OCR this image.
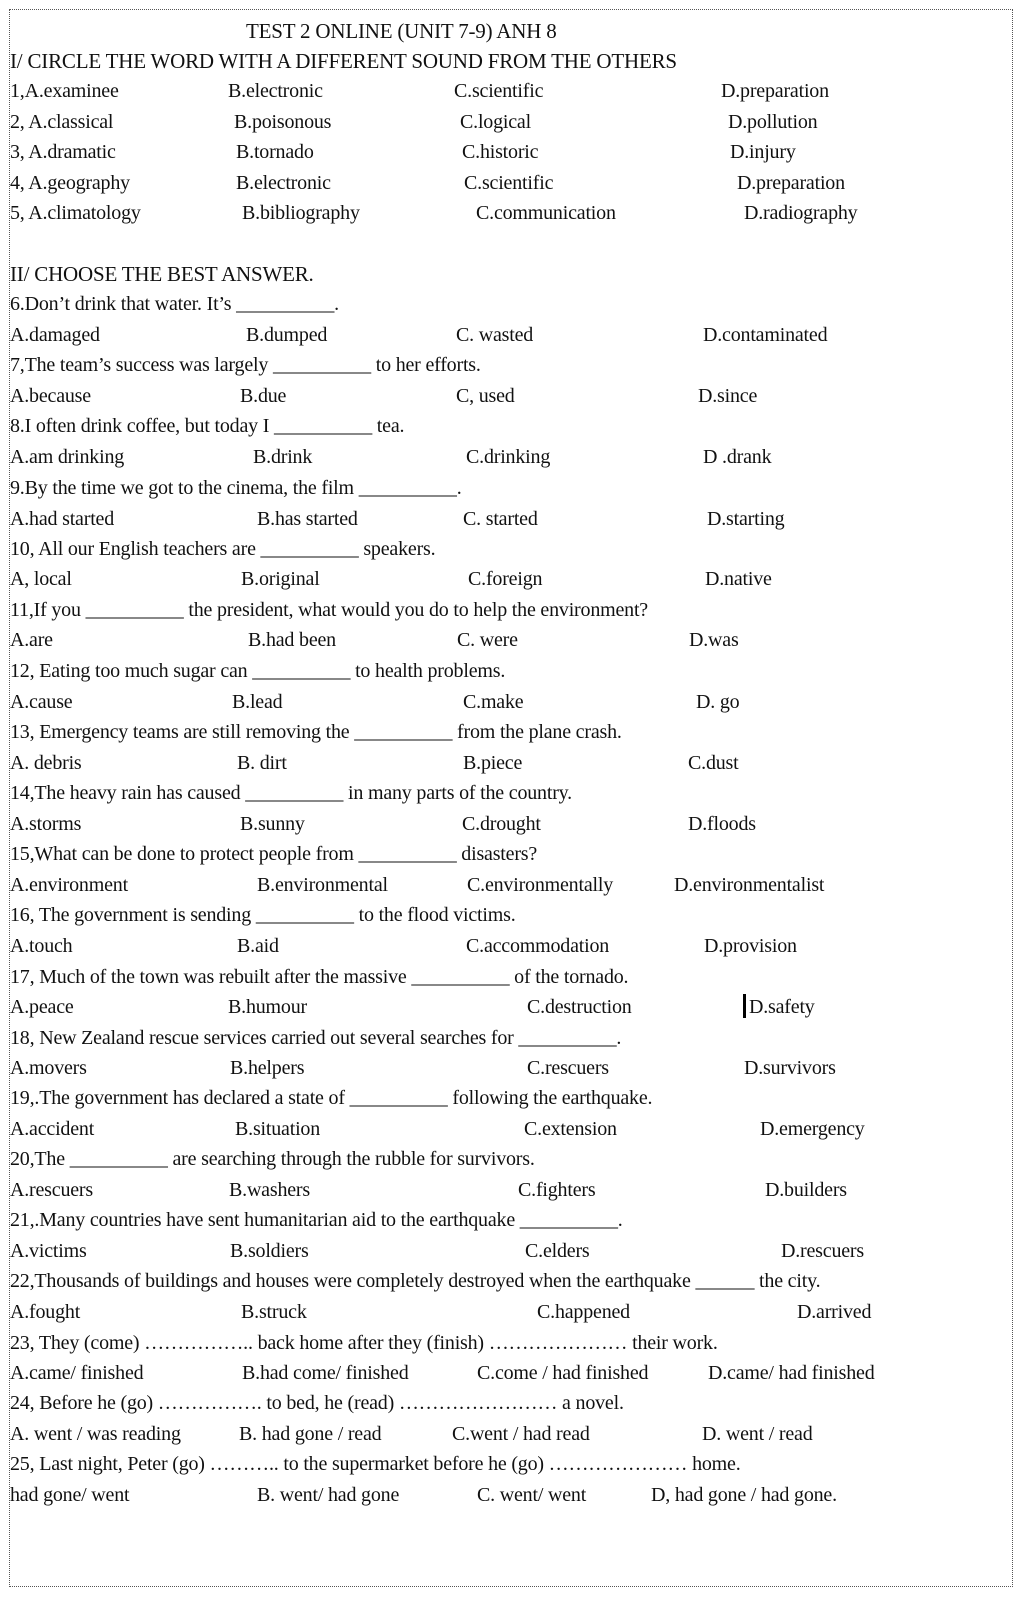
TEST 2 ONLINE (UNIT 7-9) ANH 8
I/ CIRCLE THE WORD WITH A DIFFERENT SOUND FROM THE OTHERS
1,A.examinee	B.electronic	C.scientific	D.preparation
2, A.classical	B.poisonous	C.logical	D.pollution
3, A.dramatic	B.tornado	C.historic	D.injury
4, A.geography	B.electronic	C.scientific	D.preparation
5, A.climatology	B.bibliography	C.communication	D.radiography
II/ CHOOSE THE BEST ANSWER.
6.Don’t drink that water. It’s __________.
A.damaged	B.dumped	C. wasted	D.contaminated
7,The team’s success was largely __________ to her efforts.
A.because	B.due	C, used	D.since
8.I often drink coffee, but today I __________ tea.
A.am drinking	B.drink	C.drinking	D .drank
9.By the time we got to the cinema, the film __________.
A.had started	B.has started	C. started	D.starting
10, All our English teachers are __________ speakers.
A, local	B.original	C.foreign	D.native
11,If you __________ the president, what would you do to help the environment?
A.are	B.had been	C. were	D.was
12, Eating too much sugar can __________ to health problems.
A.cause	B.lead	C.make	D. go
13, Emergency teams are still removing the __________ from the plane crash.
A. debris	B. dirt	B.piece	C.dust
14,The heavy rain has caused __________ in many parts of the country.
A.storms	B.sunny	C.drought	D.floods
15,What can be done to protect people from __________ disasters?
A.environment	B.environmental	C.environmentally	D.environmentalist
16, The government is sending __________ to the flood victims.
A.touch	B.aid	C.accommodation	D.provision
17, Much of the town was rebuilt after the massive __________ of the tornado.
A.peace	B.humour	C.destruction	D.safety
18, New Zealand rescue services carried out several searches for __________.
A.movers	B.helpers	C.rescuers	D.survivors
19,.The government has declared a state of __________ following the earthquake.
A.accident	B.situation	C.extension	D.emergency
20,The __________ are searching through the rubble for survivors.
A.rescuers	B.washers	C.fighters	D.builders
21,.Many countries have sent humanitarian aid to the earthquake __________.
A.victims	B.soldiers	C.elders	D.rescuers
22,Thousands of buildings and houses were completely destroyed when the earthquake ______ the city.
A.fought	B.struck	C.happened	D.arrived
23, They (come) …………….. back home after they (finish) ………………… their work.
A.came/ finished	B.had come/ finished	C.come / had finished	D.came/ had finished
24, Before he (go) ……………. to bed, he (read) …………………… a novel.
A. went / was reading	B. had gone / read	C.went / had read	D. went / read
25, Last night, Peter (go) ……….. to the supermarket before he (go) ………………… home.
had gone/ went	B. went/ had gone	C. went/ went	D, had gone / had gone.
